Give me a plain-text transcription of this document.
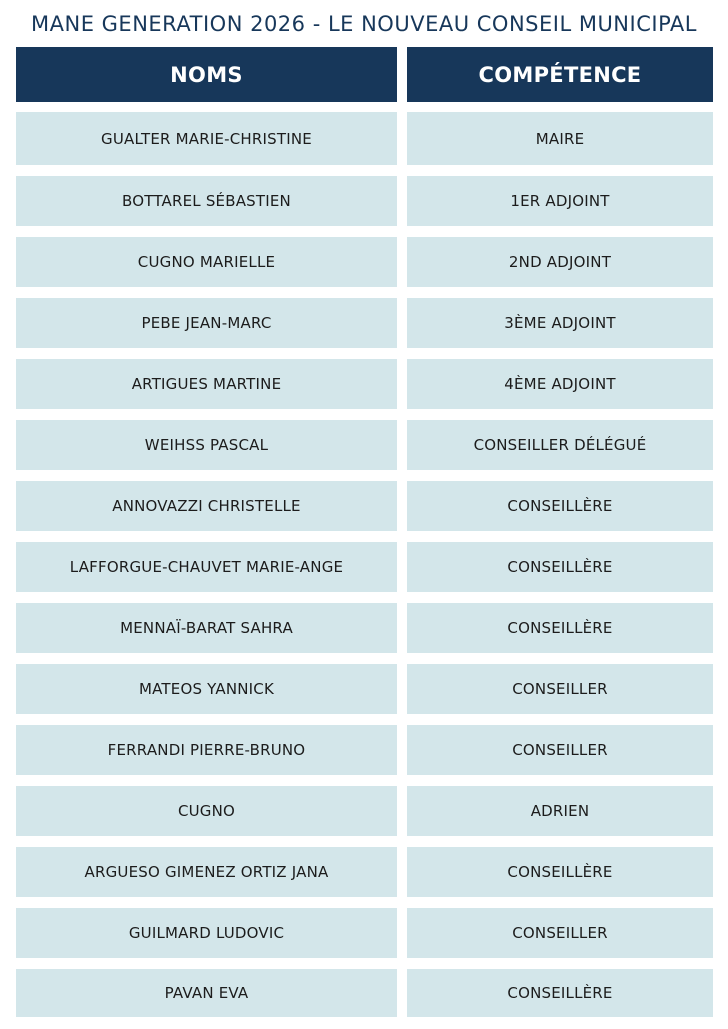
MANE GENERATION 2026 - LE NOUVEAU CONSEIL MUNICIPAL
NOMS	COMPÉTENCE
GUALTER MARIE-CHRISTINE	MAIRE
BOTTAREL SÉBASTIEN	1ER ADJOINT
CUGNO MARIELLE	2ND ADJOINT
PEBE JEAN-MARC	3ÈME ADJOINT
ARTIGUES MARTINE	4ÈME ADJOINT
WEIHSS PASCAL	CONSEILLER DÉLÉGUÉ
ANNOVAZZI CHRISTELLE	CONSEILLÈRE
LAFFORGUE-CHAUVET MARIE-ANGE	CONSEILLÈRE
MENNAÏ-BARAT SAHRA	CONSEILLÈRE
MATEOS YANNICK	CONSEILLER
FERRANDI PIERRE-BRUNO	CONSEILLER
CUGNO	ADRIEN
ARGUESO GIMENEZ ORTIZ JANA	CONSEILLÈRE
GUILMARD LUDOVIC	CONSEILLER
PAVAN EVA	CONSEILLÈRE
